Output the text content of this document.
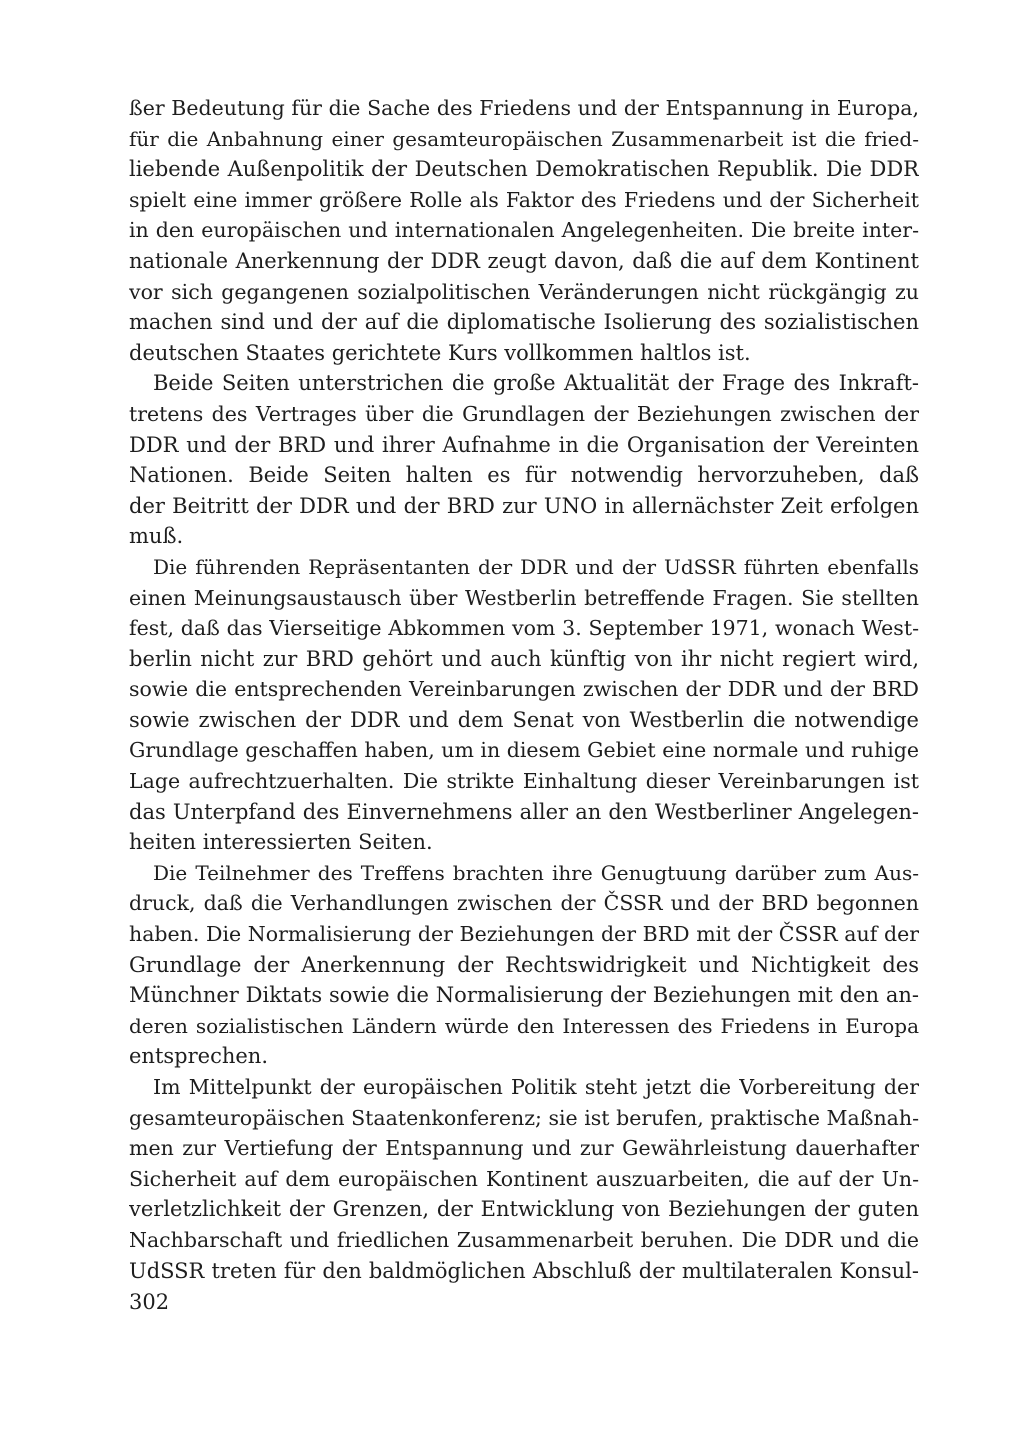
ßer Bedeutung für die Sache des Friedens und der Entspannung in Europa,
für die Anbahnung einer gesamteuropäischen Zusammenarbeit ist die fried-
liebende Außenpolitik der Deutschen Demokratischen Republik. Die DDR
spielt eine immer größere Rolle als Faktor des Friedens und der Sicherheit
in den europäischen und internationalen Angelegenheiten. Die breite inter-
nationale Anerkennung der DDR zeugt davon, daß die auf dem Kontinent
vor sich gegangenen sozialpolitischen Veränderungen nicht rückgängig zu
machen sind und der auf die diplomatische Isolierung des sozialistischen
deutschen Staates gerichtete Kurs vollkommen haltlos ist.
Beide Seiten unterstrichen die große Aktualität der Frage des Inkraft-
tretens des Vertrages über die Grundlagen der Beziehungen zwischen der
DDR und der BRD und ihrer Aufnahme in die Organisation der Vereinten
Nationen. Beide Seiten halten es für notwendig hervorzuheben, daß
der Beitritt der DDR und der BRD zur UNO in allernächster Zeit erfolgen
muß.
Die führenden Repräsentanten der DDR und der UdSSR führten ebenfalls
einen Meinungsaustausch über Westberlin betreffende Fragen. Sie stellten
fest, daß das Vierseitige Abkommen vom 3. September 1971, wonach West-
berlin nicht zur BRD gehört und auch künftig von ihr nicht regiert wird,
sowie die entsprechenden Vereinbarungen zwischen der DDR und der BRD
sowie zwischen der DDR und dem Senat von Westberlin die notwendige
Grundlage geschaffen haben, um in diesem Gebiet eine normale und ruhige
Lage aufrechtzuerhalten. Die strikte Einhaltung dieser Vereinbarungen ist
das Unterpfand des Einvernehmens aller an den Westberliner Angelegen-
heiten interessierten Seiten.
Die Teilnehmer des Treffens brachten ihre Genugtuung darüber zum Aus-
druck, daß die Verhandlungen zwischen der ČSSR und der BRD begonnen
haben. Die Normalisierung der Beziehungen der BRD mit der ČSSR auf der
Grundlage der Anerkennung der Rechtswidrigkeit und Nichtigkeit des
Münchner Diktats sowie die Normalisierung der Beziehungen mit den an-
deren sozialistischen Ländern würde den Interessen des Friedens in Europa
entsprechen.
Im Mittelpunkt der europäischen Politik steht jetzt die Vorbereitung der
gesamteuropäischen Staatenkonferenz; sie ist berufen, praktische Maßnah-
men zur Vertiefung der Entspannung und zur Gewährleistung dauerhafter
Sicherheit auf dem europäischen Kontinent auszuarbeiten, die auf der Un-
verletzlichkeit der Grenzen, der Entwicklung von Beziehungen der guten
Nachbarschaft und friedlichen Zusammenarbeit beruhen. Die DDR und die
UdSSR treten für den baldmöglichen Abschluß der multilateralen Konsul-
302
